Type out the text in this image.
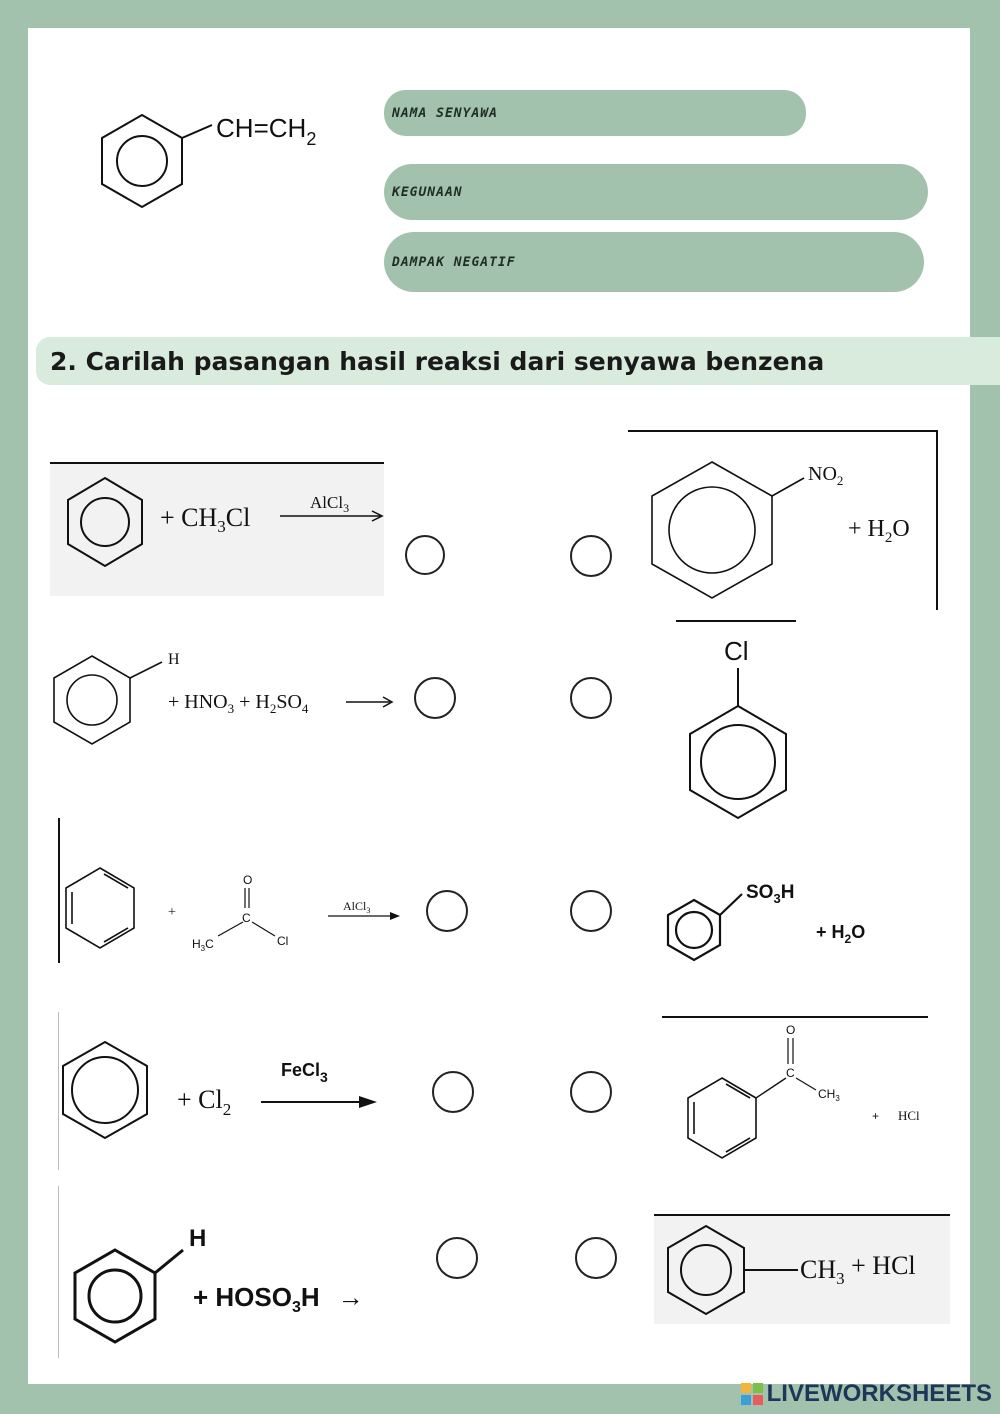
$CH=CH_2$
NAMA SENYAWA
KEGUNAAN
DAMPAK NEGATIF
2. Carilah pasangan hasil reaksi dari senyawa benzena
+ $CH_3Cl$
AlCl$_3$
H
+ $HNO_3 + H_2SO_4$
+
O
C
$H_3C$	Cl
AlCl$_3$
+ $Cl_2$
FeCl$_3$
H
+ $HOSO_3H$ →
$NO_2$
+ $H_2O$
Cl
$SO_3H$
+ $H_2O$
O
C
$CH_3$
+ HCl
$CH_3$ + HCl
LIVEWORKSHEETS
